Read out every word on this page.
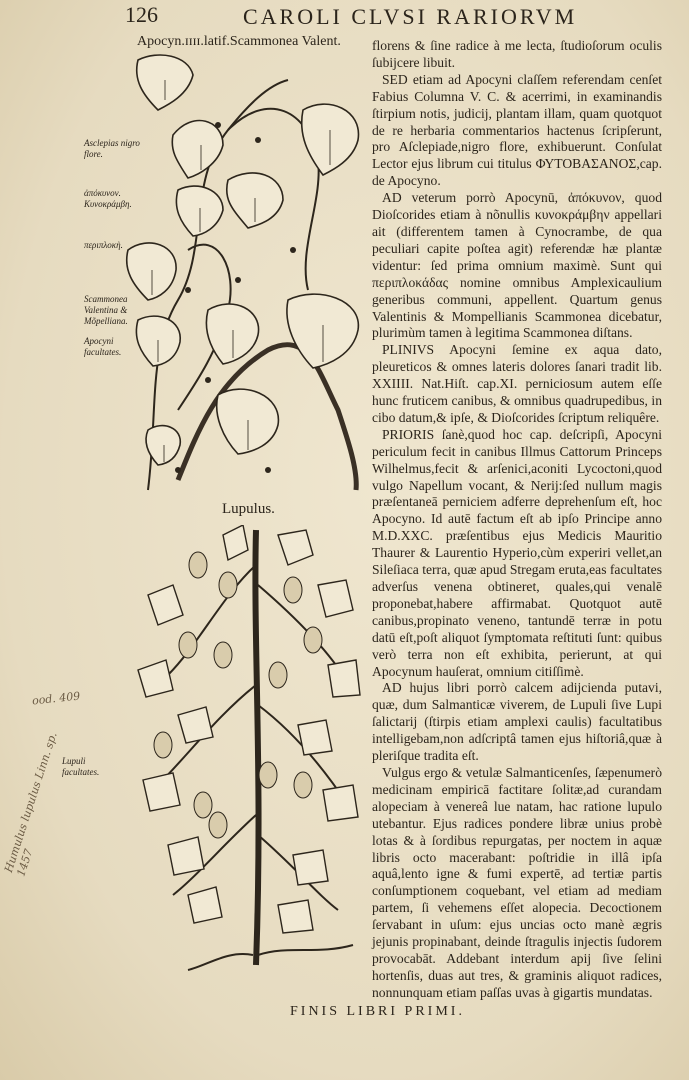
126	CAROLI CLVSI RARIORVM
Apocyn.ɪɪɪɪ.latif.Scammonea Valent.
Lupulus.
Asclepias nigro flore.
ἀπόκυνον. Κυνοκράμβη.
περιπλοκὴ.
Scammonea Valentina & Mõpelliana.
Apocyni facultates.
Lupuli facultates.
ood. 409
Humulus lupulus Linn. sp. 1457

florens & ſine radice à me lecta, ſtudioſorum oculis ſubijcere libuit.

SED etiam ad Apocyni claſſem referendam cenſet Fabius Columna V. C. & acerrimi, in examinandis ſtirpium notis, judicij, plantam illam, quam quotquot de re herbaria commentarios hactenus ſcripſerunt, pro Aſclepiade,nigro flore, exhibuerunt. Conſulat Lector ejus librum cui titulus ΦΥΤΟΒΑΣΑΝΟΣ,cap. de Apocyno.

AD veterum porrò Apocynū, ἀπόκυνον, quod Dioſcorides etiam à nõnullis κυνοκράμβην appellari ait (differentem tamen à Cynocrambe, de qua peculiari capite poſtea agit) referendæ hæ plantæ videntur: ſed prima omnium maximè. Sunt qui περιπλοκάδας nomine omnibus Amplexicaulium generibus communi, appellent. Quartum genus Valentinis & Mompellianis Scammonea dicebatur, plurimùm tamen à legitima Scammonea diſtans.

PLINIVS Apocyni ſemine ex aqua dato, pleureticos & omnes lateris dolores ſanari tradit lib. XXIIII. Nat.Hiſt. cap.XI. perniciosum autem eſſe hunc fruticem canibus, & omnibus quadrupedibus, in cibo datum,& ipſe, & Dioſcorides ſcriptum reliquêre.

PRIORIS ſanè,quod hoc cap. deſcripſi, Apocyni periculum fecit in canibus Illmus Cattorum Princeps Wilhelmus,fecit & arſenici,aconiti Lycoctoni,quod vulgo Napellum vocant, & Nerij:ſed nullum magis præſentaneā perniciem adferre deprehenſum eſt, hoc Apocyno. Id autē factum eſt ab ipſo Principe anno M.D.XXC. præſentibus ejus Medicis Mauritio Thaurer & Laurentio Hyperio,cùm experiri vellet,an Sileſiaca terra, quæ apud Stregam eruta,eas facultates adverſus venena obtineret, quales,qui venalē proponebat,habere affirmabat. Quotquot autē canibus,propinato veneno, tantundē terræ in potu datū eſt,poſt aliquot ſymptomata reſtituti ſunt: quibus verò terra non eſt exhibita, perierunt, at qui Apocynum hauſerat, omnium citiſſimè.

AD hujus libri porrò calcem adijcienda putavi, quæ, dum Salmanticæ viverem, de Lupuli ſive Lupi ſalictarij (ſtirpis etiam amplexi caulis) facultatibus intelligebam,non adſcriptâ tamen ejus hiſtoriâ,quæ à pleriſque tradita eſt.

Vulgus ergo & vetulæ Salmanticenſes, ſæpenumerò medicinam empiricā factitare ſolitæ,ad curandam alopeciam à venereâ lue natam, hac ratione lupulo utebantur. Ejus radices pondere libræ unius probè lotas & à ſordibus repurgatas, per noctem in aquæ libris octo macerabant: poſtridie in illâ ipſa aquâ,lento igne & fumi expertē, ad tertiæ partis conſumptionem coquebant, vel etiam ad mediam partem, ſi vehemens eſſet alopecia. Decoctionem ſervabant in uſum: ejus uncias octo manè ægris jejunis propinabant, deinde ſtragulis injectis ſudorem provocabāt. Addebant interdum apij ſive ſelini hortenſis, duas aut tres, & graminis aliquot radices, nonnunquam etiam paſſas uvas à gigartis mundatas.

FINIS LIBRI PRIMI.
